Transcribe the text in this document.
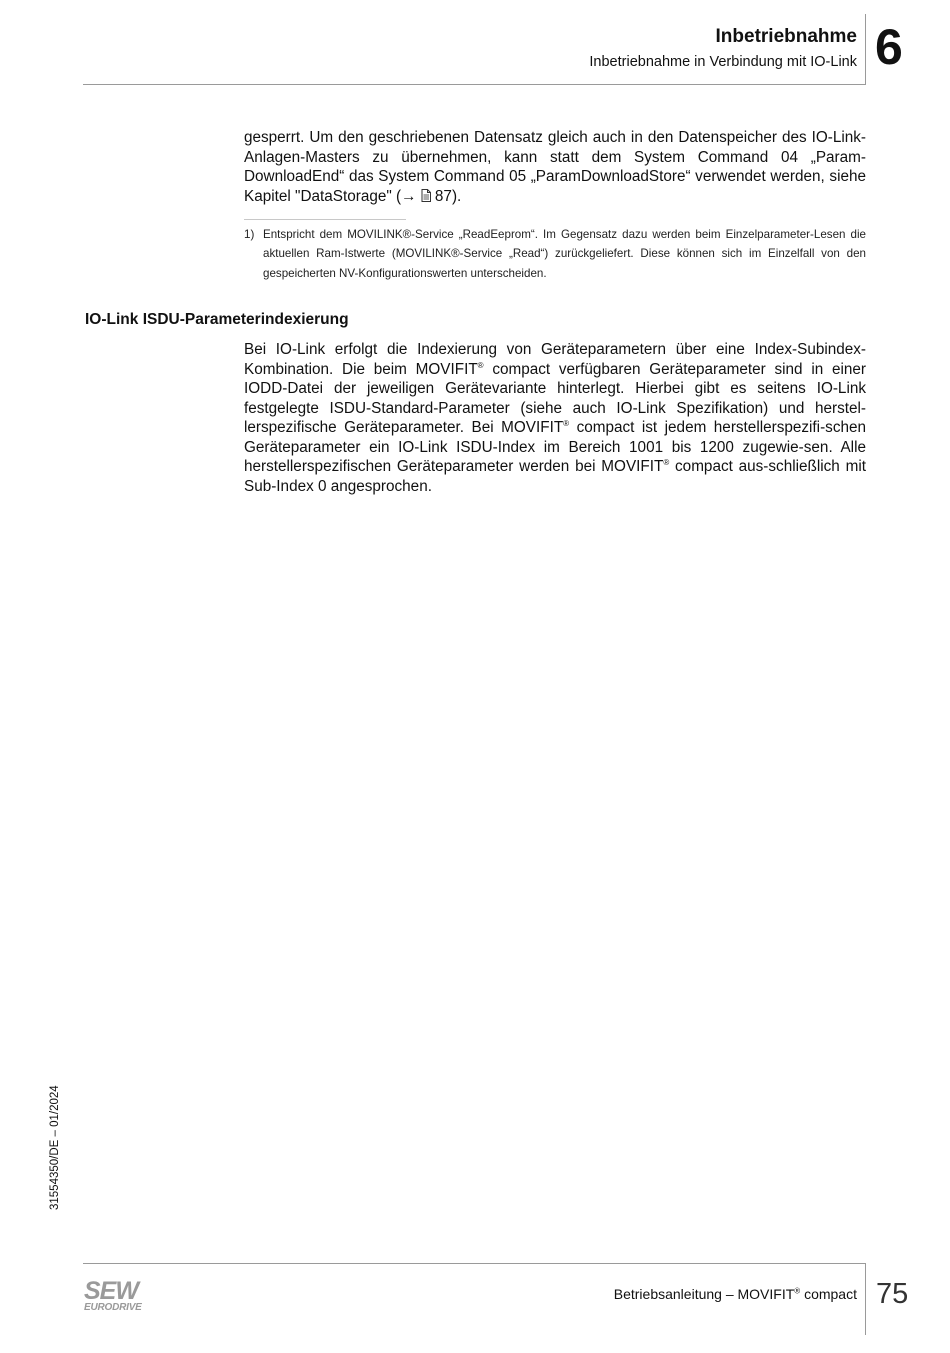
Inbetriebnahme
Inbetriebnahme in Verbindung mit IO-Link 6

gesperrt. Um den geschriebenen Datensatz gleich auch in den Datenspeicher des IO-Link-Anlagen-Masters zu übernehmen, kann statt dem System Command 04 „Param-DownloadEnd“ das System Command 05 „ParamDownloadStore“ verwendet werden, siehe Kapitel "DataStorage" (→  87).

1) Entspricht dem MOVILINK®-Service „ReadEeprom“. Im Gegensatz dazu werden beim Einzelparameter-Lesen die aktuellen Ram-Istwerte (MOVILINK®-Service „Read“) zurückgeliefert. Diese können sich im Einzelfall von den gespeicherten NV-Konfigurationswerten unterscheiden.
IO-Link ISDU-Parameterindexierung

Bei IO-Link erfolgt die Indexierung von Geräteparametern über eine Index-Subindex-Kombination. Die beim MOVIFIT® compact verfügbaren Geräteparameter sind in einer IODD-Datei der jeweiligen Gerätevariante hinterlegt. Hierbei gibt es seitens IO-Link festgelegte ISDU-Standard-Parameter (siehe auch IO-Link Spezifikation) und herstel-lerspezifische Geräteparameter. Bei MOVIFIT® compact ist jedem herstellerspezifi-schen Geräteparameter ein IO-Link ISDU-Index im Bereich 1001 bis 1200 zugewie-sen. Alle herstellerspezifischen Geräteparameter werden bei MOVIFIT® compact aus-schließlich mit Sub-Index 0 angesprochen.

31554350/DE – 01/2024
SEW
EURODRIVE
Betriebsanleitung – MOVIFIT® compact 75
